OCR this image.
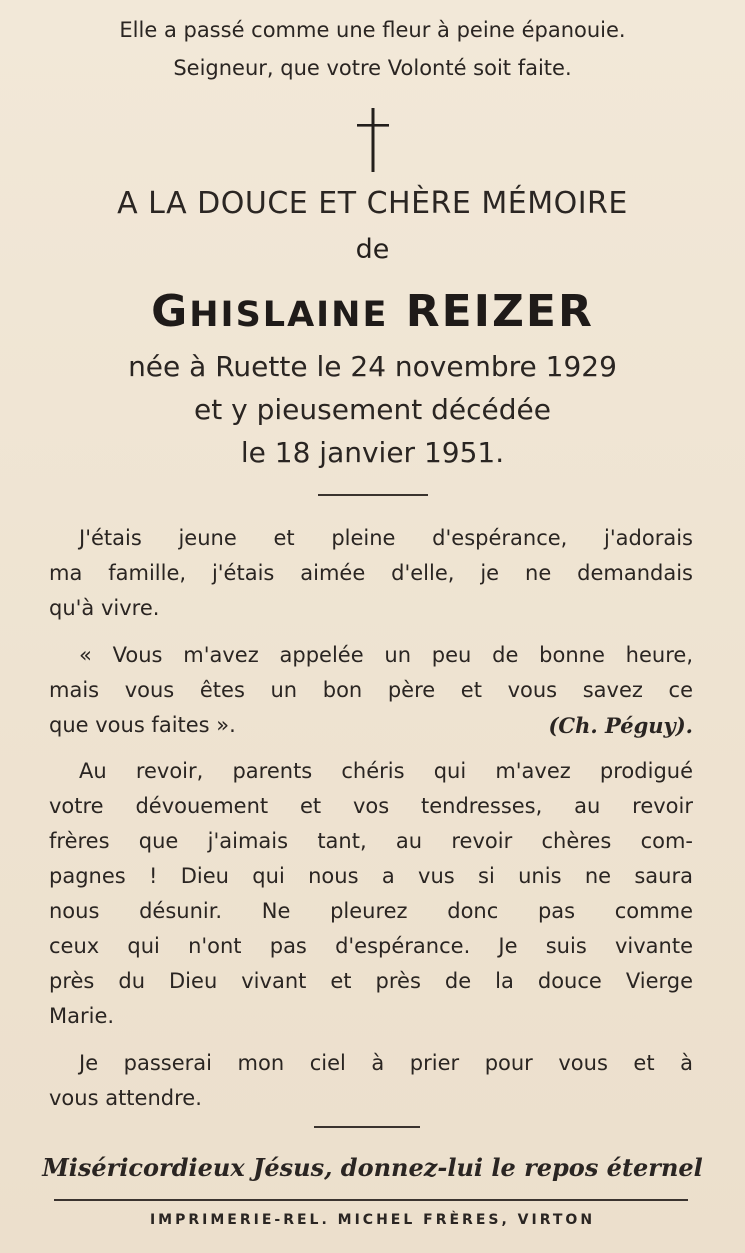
Elle a passé comme une fleur à peine épanouie.
Seigneur, que votre Volonté soit faite.
A LA DOUCE ET CHÈRE MÉMOIRE
de
GHISLAINE REIZER
née à Ruette le 24 novembre 1929
et y pieusement décédée
le 18 janvier 1951.
J'étais jeune et pleine d'espérance, j'adorais
ma famille, j'étais aimée d'elle, je ne demandais
qu'à vivre.
« Vous m'avez appelée un peu de bonne heure,
mais vous êtes un bon père et vous savez ce
que vous faites ».	(Ch. Péguy).
Au revoir, parents chéris qui m'avez prodigué
votre dévouement et vos tendresses, au revoir
frères que j'aimais tant, au revoir chères com-
pagnes ! Dieu qui nous a vus si unis ne saura
nous désunir. Ne pleurez donc pas comme
ceux qui n'ont pas d'espérance. Je suis vivante
près du Dieu vivant et près de la douce Vierge
Marie.
Je passerai mon ciel à prier pour vous et à
vous attendre.
Miséricordieux Jésus, donnez-lui le repos éternel
IMPRIMERIE-REL. MICHEL FRÈRES, VIRTON
